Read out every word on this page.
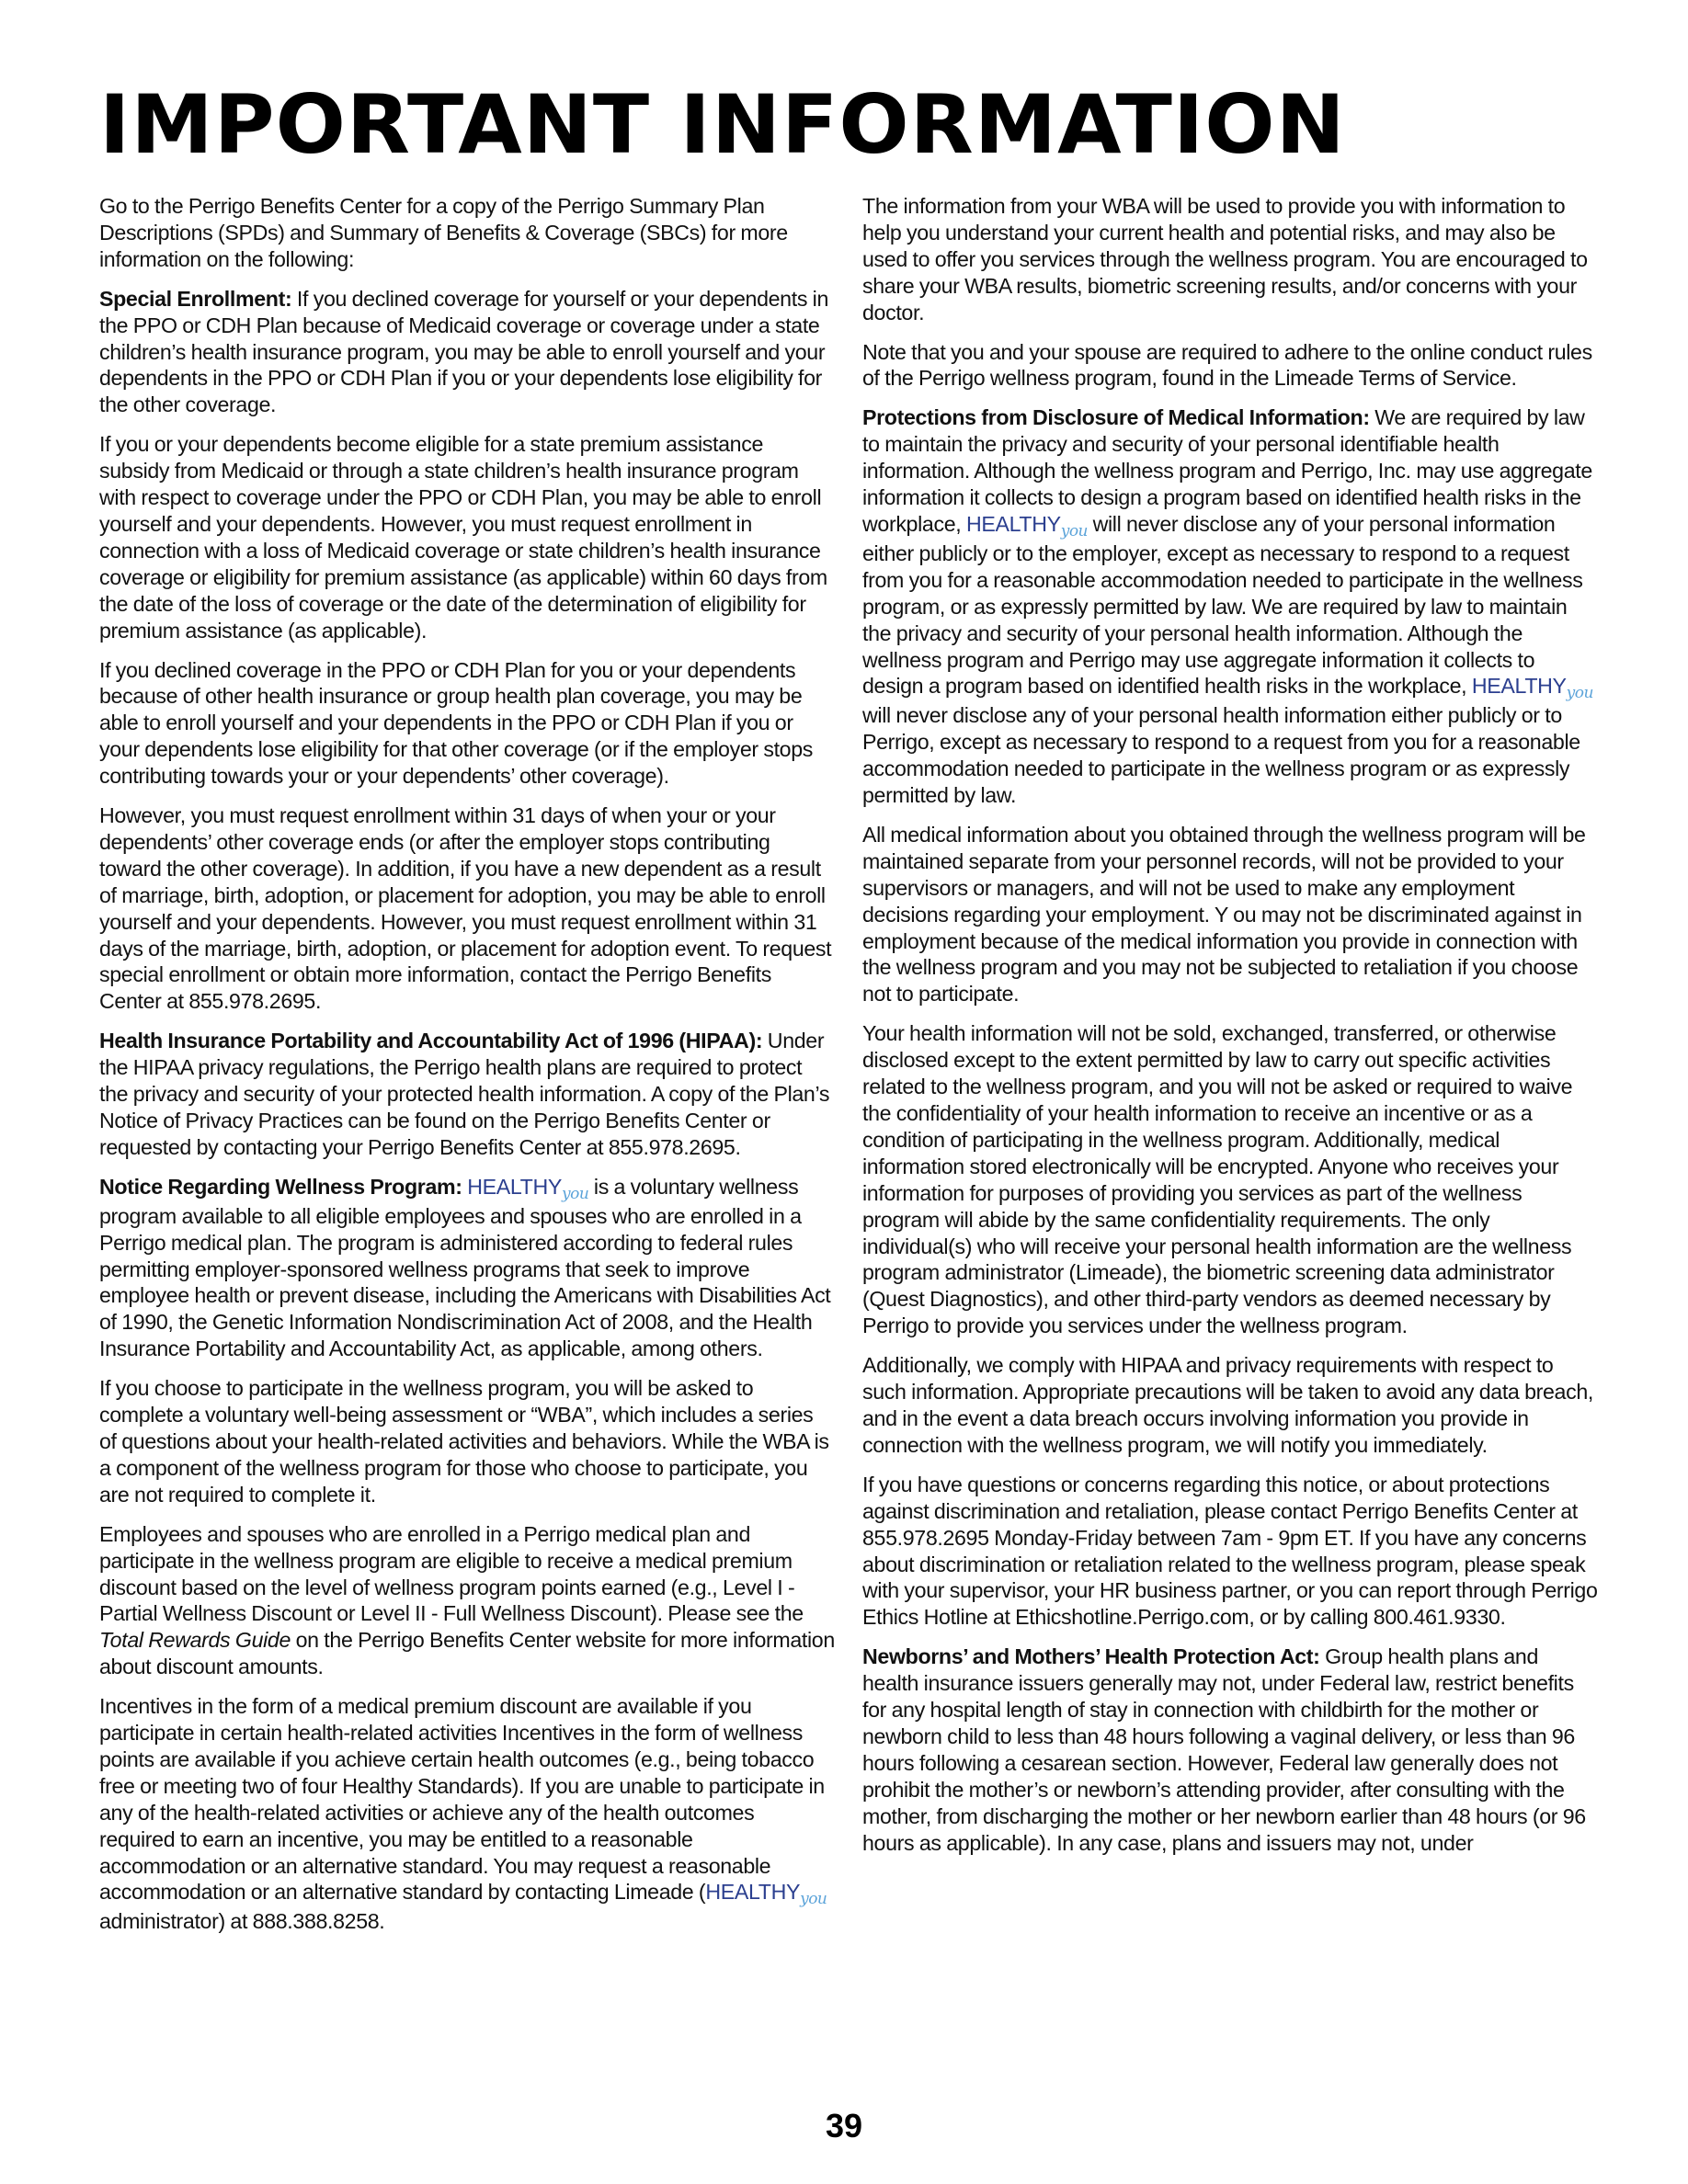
IMPORTANT INFORMATION

Go to the Perrigo Benefits Center for a copy of the Perrigo Summary Plan Descriptions (SPDs) and Summary of Benefits & Coverage (SBCs) for more information on the following:

Special Enrollment: If you declined coverage for yourself or your dependents in the PPO or CDH Plan because of Medicaid coverage or coverage under a state children’s health insurance program, you may be able to enroll yourself and your dependents in the PPO or CDH Plan if you or your dependents lose eligibility for the other coverage.

If you or your dependents become eligible for a state premium assistance subsidy from Medicaid or through a state children’s health insurance program with respect to coverage under the PPO or CDH Plan, you may be able to enroll yourself and your dependents. However, you must request enrollment in connection with a loss of Medicaid coverage or state children’s health insurance coverage or eligibility for premium assistance (as applicable) within 60 days from the date of the loss of coverage or the date of the determination of eligibility for premium assistance (as applicable).

If you declined coverage in the PPO or CDH Plan for you or your dependents because of other health insurance or group health plan coverage, you may be able to enroll yourself and your dependents in the PPO or CDH Plan if you or your dependents lose eligibility for that other coverage (or if the employer stops contributing towards your or your dependents’ other coverage).

However, you must request enrollment within 31 days of when your or your dependents’ other coverage ends (or after the employer stops contributing toward the other coverage). In addition, if you have a new dependent as a result of marriage, birth, adoption, or placement for adoption, you may be able to enroll yourself and your dependents. However, you must request enrollment within 31 days of the marriage, birth, adoption, or placement for adoption event. To request special enrollment or obtain more information, contact the Perrigo Benefits Center at 855.978.2695.

Health Insurance Portability and Accountability Act of 1996 (HIPAA): Under the HIPAA privacy regulations, the Perrigo health plans are required to protect the privacy and security of your protected health information. A copy of the Plan’s Notice of Privacy Practices can be found on the Perrigo Benefits Center or requested by contacting your Perrigo Benefits Center at 855.978.2695.

Notice Regarding Wellness Program: $HEALTHY_{you}$ is a voluntary wellness program available to all eligible employees and spouses who are enrolled in a Perrigo medical plan. The program is administered according to federal rules permitting employer-sponsored wellness programs that seek to improve employee health or prevent disease, including the Americans with Disabilities Act of 1990, the Genetic Information Nondiscrimination Act of 2008, and the Health Insurance Portability and Accountability Act, as applicable, among others.

If you choose to participate in the wellness program, you will be asked to complete a voluntary well-being assessment or “WBA”, which includes a series of questions about your health-related activities and behaviors. While the WBA is a component of the wellness program for those who choose to participate, you are not required to complete it.

Employees and spouses who are enrolled in a Perrigo medical plan and participate in the wellness program are eligible to receive a medical premium discount based on the level of wellness program points earned (e.g., Level I - Partial Wellness Discount or Level II - Full Wellness Discount). Please see the Total Rewards Guide on the Perrigo Benefits Center website for more information about discount amounts.

Incentives in the form of a medical premium discount are available if you participate in certain health-related activities Incentives in the form of wellness points are available if you achieve certain health outcomes (e.g., being tobacco free or meeting two of four Healthy Standards). If you are unable to participate in any of the health-related activities or achieve any of the health outcomes required to earn an incentive, you may be entitled to a reasonable accommodation or an alternative standard. You may request a reasonable accommodation or an alternative standard by contacting Limeade ($HEALTHY_{you}$ administrator) at 888.388.8258.

The information from your WBA will be used to provide you with information to help you understand your current health and potential risks, and may also be used to offer you services through the wellness program. You are encouraged to share your WBA results, biometric screening results, and/or concerns with your doctor.

Note that you and your spouse are required to adhere to the online conduct rules of the Perrigo wellness program, found in the Limeade Terms of Service.

Protections from Disclosure of Medical Information: We are required by law to maintain the privacy and security of your personal identifiable health information. Although the wellness program and Perrigo, Inc. may use aggregate information it collects to design a program based on identified health risks in the workplace, $HEALTHY_{you}$ will never disclose any of your personal information either publicly or to the employer, except as necessary to respond to a request from you for a reasonable accommodation needed to participate in the wellness program, or as expressly permitted by law. We are required by law to maintain the privacy and security of your personal health information. Although the wellness program and Perrigo may use aggregate information it collects to design a program based on identified health risks in the workplace, $HEALTHY_{you}$ will never disclose any of your personal health information either publicly or to Perrigo, except as necessary to respond to a request from you for a reasonable accommodation needed to participate in the wellness program or as expressly permitted by law.

All medical information about you obtained through the wellness program will be maintained separate from your personnel records, will not be provided to your supervisors or managers, and will not be used to make any employment decisions regarding your employment. Y ou may not be discriminated against in employment because of the medical information you provide in connection with the wellness program and you may not be subjected to retaliation if you choose not to participate.

Your health information will not be sold, exchanged, transferred, or otherwise disclosed except to the extent permitted by law to carry out specific activities related to the wellness program, and you will not be asked or required to waive the confidentiality of your health information to receive an incentive or as a condition of participating in the wellness program. Additionally, medical information stored electronically will be encrypted. Anyone who receives your information for purposes of providing you services as part of the wellness program will abide by the same confidentiality requirements. The only individual(s) who will receive your personal health information are the wellness program administrator (Limeade), the biometric screening data administrator (Quest Diagnostics), and other third-party vendors as deemed necessary by Perrigo to provide you services under the wellness program.

Additionally, we comply with HIPAA and privacy requirements with respect to such information. Appropriate precautions will be taken to avoid any data breach, and in the event a data breach occurs involving information you provide in connection with the wellness program, we will notify you immediately.

If you have questions or concerns regarding this notice, or about protections against discrimination and retaliation, please contact Perrigo Benefits Center at 855.978.2695 Monday-Friday between 7am - 9pm ET. If you have any concerns about discrimination or retaliation related to the wellness program, please speak with your supervisor, your HR business partner, or you can report through Perrigo Ethics Hotline at Ethicshotline.Perrigo.com, or by calling 800.461.9330.

Newborns’ and Mothers’ Health Protection Act: Group health plans and health insurance issuers generally may not, under Federal law, restrict benefits for any hospital length of stay in connection with childbirth for the mother or newborn child to less than 48 hours following a vaginal delivery, or less than 96 hours following a cesarean section. However, Federal law generally does not prohibit the mother’s or newborn’s attending provider, after consulting with the mother, from discharging the mother or her newborn earlier than 48 hours (or 96 hours as applicable). In any case, plans and issuers may not, under

39
